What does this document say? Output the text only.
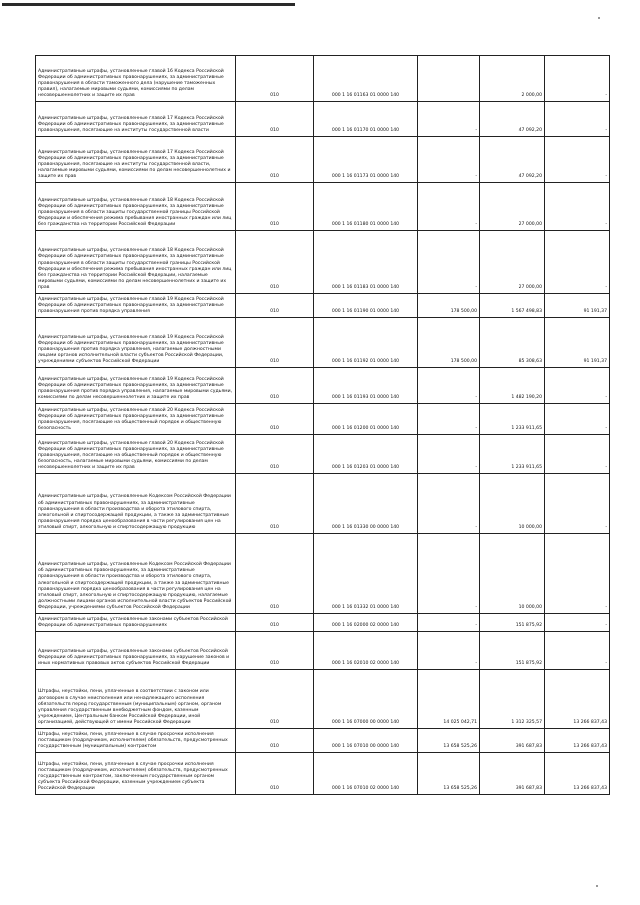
Административные штрафы, установленные главой 16 Кодекса Российской Федерации об административных правонарушениях, за административные правонарушения в области таможенного дела (нарушение таможенных правил), налагаемые мировыми судьями, комиссиями по делам несовершеннолетних и защите их прав	010	000 1 16 01163 01 0000 140		2 000,00	-
Административные штрафы, установленные главой 17 Кодекса Российской Федерации об административных правонарушениях, за административные правонарушения, посягающие на институты государственной власти	010	000 1 16 01170 01 0000 140	-	47 092,20	-
Административные штрафы, установленные главой 17 Кодекса Российской Федерации об административных правонарушениях, за административные правонарушения, посягающие на институты государственной власти, налагаемые мировыми судьями, комиссиями по делам несовершеннолетних и защите их прав	010	000 1 16 01173 01 0000 140	-	47 092,20	-
Административные штрафы, установленные главой 18 Кодекса Российской Федерации об административных правонарушениях, за административные правонарушения в области защиты государственной границы Российской Федерации и обеспечения режима пребывания иностранных граждан или лиц без гражданства на территории Российской Федерации	010	000 1 16 01180 01 0000 140	-	27 000,00	-
Административные штрафы, установленные главой 18 Кодекса Российской Федерации об административных правонарушениях, за административные правонарушения в области защиты государственной границы Российской Федерации и обеспечения режима пребывания иностранных граждан или лиц без гражданства на территории Российской Федерации, налагаемые мировыми судьями, комиссиями по делам несовершеннолетних и защите их прав	010	000 1 16 01183 01 0000 140	-	27 000,00	-
Административные штрафы, установленные главой 19 Кодекса Российской Федерации об административных правонарушениях, за административные правонарушения против порядка управления	010	000 1 16 01190 01 0000 140	178 500,00	1 567 498,83	91 191,37
Административные штрафы, установленные главой 19 Кодекса Российской Федерации об административных правонарушениях, за административные правонарушения против порядка управления, налагаемые должностными лицами органов исполнительной власти субъектов Российской Федерации, учреждениями субъектов Российской Федерации	010	000 1 16 01192 01 0000 140	178 500,00	85 308,63	91 191,37
Административные штрафы, установленные главой 19 Кодекса Российской Федерации об административных правонарушениях, за административные правонарушения против порядка управления, налагаемые мировыми судьями, комиссиями по делам несовершеннолетних и защите их прав	010	000 1 16 01193 01 0000 140	-	1 482 190,20	-
Административные штрафы, установленные главой 20 Кодекса Российской Федерации об административных правонарушениях, за административные правонарушения, посягающие на общественный порядок и общественную безопасность	010	000 1 16 01200 01 0000 140	-	1 233 911,65	-
Административные штрафы, установленные главой 20 Кодекса Российской Федерации об административных правонарушениях, за административные правонарушения, посягающие на общественный порядок и общественную безопасность, налагаемые мировыми судьями, комиссиями по делам несовершеннолетних и защите их прав	010	000 1 16 01203 01 0000 140	-	1 233 911,65	-
Административные штрафы, установленные Кодексом Российской Федерации об административных правонарушениях, за административные правонарушения в области производства и оборота этилового спирта, алкогольной и спиртосодержащей продукции, а также за административные правонарушения порядка ценообразования в части регулирования цен на этиловый спирт, алкогольную и спиртосодержащую продукцию	010	000 1 16 01330 00 0000 140	-	10 000,00	-
Административные штрафы, установленные Кодексом Российской Федерации об административных правонарушениях, за административные правонарушения в области производства и оборота этилового спирта, алкогольной и спиртосодержащей продукции, а также за административные правонарушения порядка ценообразования в части регулирования цен на этиловый спирт, алкогольную и спиртосодержащую продукцию, налагаемые должностными лицами органов исполнительной власти субъектов Российской Федерации, учреждениями субъектов Российской Федерации	010	000 1 16 01332 01 0000 140	-	10 000,00	-
Административные штрафы, установленные законами субъектов Российской Федерации об административных правонарушениях	010	000 1 16 02000 02 0000 140	-	151 875,92	-
Административные штрафы, установленные законами субъектов Российской Федерации об административных правонарушениях, за нарушение законов и иных нормативных правовых актов субъектов Российской Федерации	010	000 1 16 02010 02 0000 140	-	151 875,92	-
Штрафы, неустойки, пени, уплаченные в соответствии с законом или договором в случае неисполнения или ненадлежащего исполнения обязательств перед государственным (муниципальным) органом, органом управления государственным внебюджетным фондом, казенным учреждением, Центральным банком Российской Федерации, иной организацией, действующей от имени Российской Федерации	010	000 1 16 07000 00 0000 140	14 025 042,71	1 312 325,57	13 266 837,43
Штрафы, неустойки, пени, уплаченные в случае просрочки исполнения поставщиком (подрядчиком, исполнителем) обязательств, предусмотренных государственным (муниципальным) контрактом	010	000 1 16 07010 00 0000 140	13 658 525,26	391 687,83	13 266 837,43
Штрафы, неустойки, пени, уплаченные в случае просрочки исполнения поставщиком (подрядчиком, исполнителем) обязательств, предусмотренных государственным контрактом, заключенным государственным органом субъекта Российской Федерации, казенным учреждением субъекта Российской Федерации	010	000 1 16 07010 02 0000 140	13 658 525,26	391 687,83	13 266 837,43
